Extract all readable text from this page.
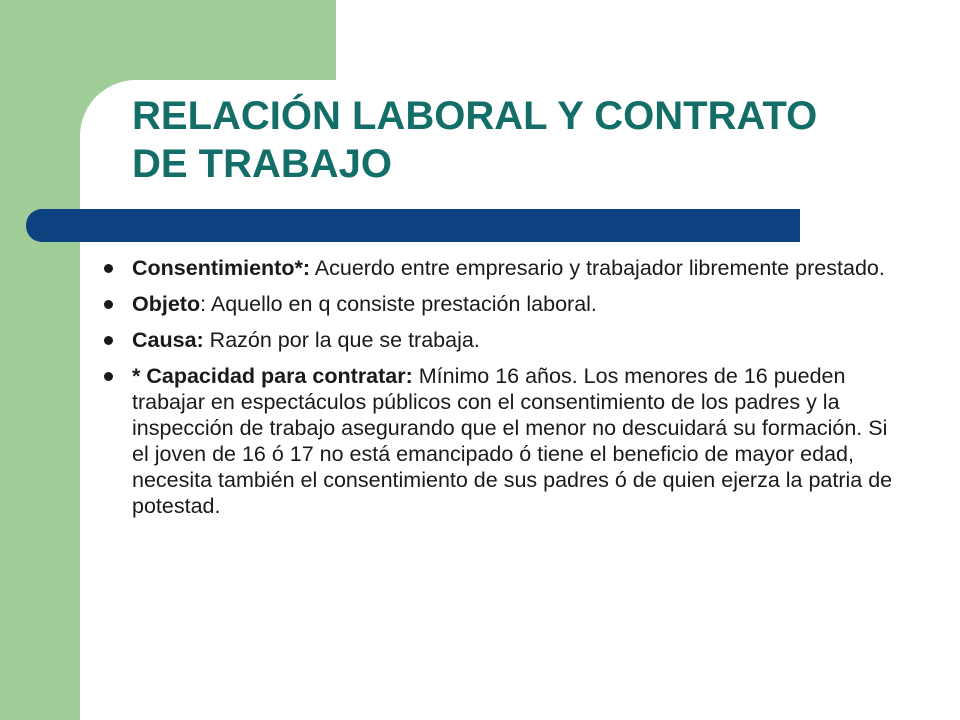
RELACIÓN LABORAL Y CONTRATO
DE TRABAJO
Consentimiento*: Acuerdo entre empresario y trabajador libremente prestado.
Objeto: Aquello en q consiste prestación laboral.
Causa: Razón por la que se trabaja.
* Capacidad para contratar: Mínimo 16 años. Los menores de 16 pueden trabajar en espectáculos públicos con el consentimiento de los padres y la inspección de trabajo asegurando que el menor no descuidará su formación. Si el joven de 16 ó 17 no está emancipado ó tiene el beneficio de mayor edad, necesita también el consentimiento de sus padres ó de quien ejerza la patria de potestad.
